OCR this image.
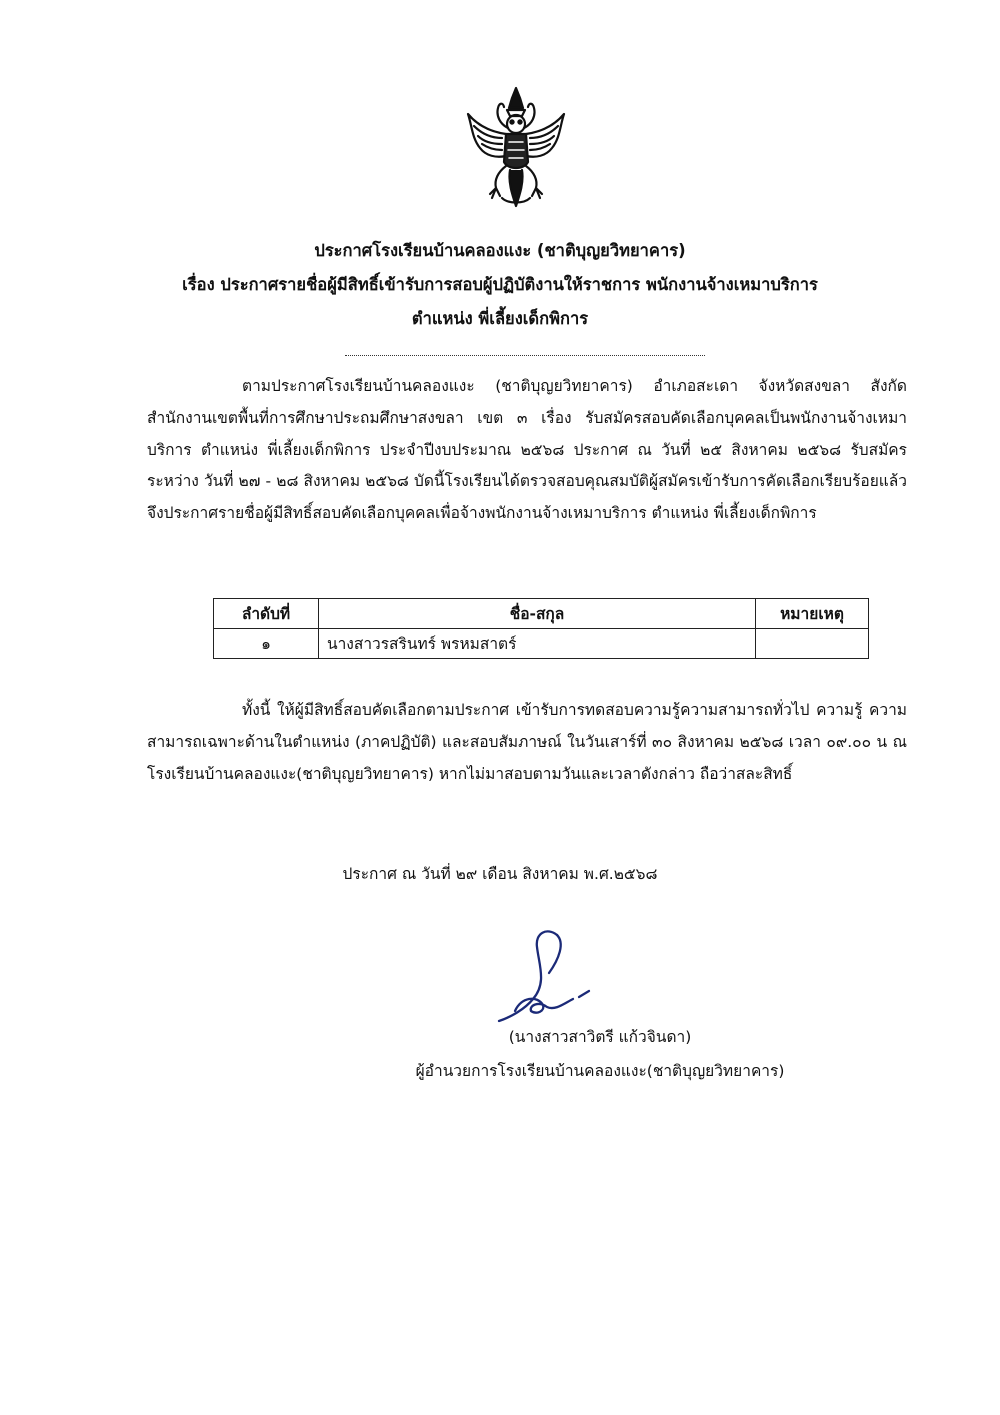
ประกาศโรงเรียนบ้านคลองแงะ (ชาติบุญยวิทยาคาร)
เรื่อง ประกาศรายชื่อผู้มีสิทธิ์เข้ารับการสอบผู้ปฏิบัติงานให้ราชการ พนักงานจ้างเหมาบริการ
ตำแหน่ง พี่เลี้ยงเด็กพิการ

ตามประกาศโรงเรียนบ้านคลองแงะ (ชาติบุญยวิทยาคาร) อำเภอสะเดา จังหวัดสงขลา สังกัดสำนักงานเขตพื้นที่การศึกษาประถมศึกษาสงขลา เขต ๓ เรื่อง รับสมัครสอบคัดเลือกบุคคลเป็นพนักงานจ้างเหมาบริการ ตำแหน่ง พี่เลี้ยงเด็กพิการ ประจำปีงบประมาณ ๒๕๖๘ ประกาศ ณ วันที่ ๒๕ สิงหาคม ๒๕๖๘ รับสมัครระหว่าง วันที่ ๒๗ - ๒๘ สิงหาคม ๒๕๖๘ บัดนี้โรงเรียนได้ตรวจสอบคุณสมบัติผู้สมัครเข้ารับการคัดเลือกเรียบร้อยแล้ว จึงประกาศรายชื่อผู้มีสิทธิ์สอบคัดเลือกบุคคลเพื่อจ้างพนักงานจ้างเหมาบริการ ตำแหน่ง พี่เลี้ยงเด็กพิการ

ลำดับที่	ชื่อ-สกุล	หมายเหตุ
๑	นางสาวรสรินทร์ พรหมสาตร์	

ทั้งนี้ ให้ผู้มีสิทธิ์สอบคัดเลือกตามประกาศ เข้ารับการทดสอบความรู้ความสามารถทั่วไป ความรู้ ความสามารถเฉพาะด้านในตำแหน่ง (ภาคปฏิบัติ) และสอบสัมภาษณ์ ในวันเสาร์ที่ ๓๐ สิงหาคม ๒๕๖๘ เวลา ๐๙.๐๐ น ณ โรงเรียนบ้านคลองแงะ(ชาติบุญยวิทยาคาร) หากไม่มาสอบตามวันและเวลาดังกล่าว ถือว่าสละสิทธิ์

ประกาศ ณ วันที่ ๒๙ เดือน สิงหาคม พ.ศ.๒๕๖๘
(นางสาวสาวิตรี แก้วจินดา)
ผู้อำนวยการโรงเรียนบ้านคลองแงะ(ชาติบุญยวิทยาคาร)
